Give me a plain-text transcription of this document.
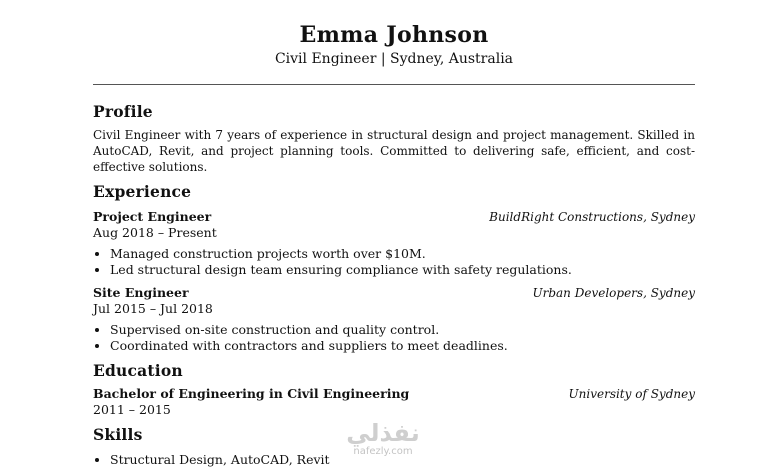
Emma Johnson
Civil Engineer | Sydney, Australia
Profile
Civil Engineer with 7 years of experience in structural design and project management. Skilled in AutoCAD, Revit, and project planning tools. Committed to delivering safe, efficient, and cost-effective solutions.
Experience
Project Engineer	BuildRight Constructions, Sydney
Aug 2018 – Present
• Managed construction projects worth over $10M.
• Led structural design team ensuring compliance with safety regulations.
Site Engineer	Urban Developers, Sydney
Jul 2015 – Jul 2018
• Supervised on-site construction and quality control.
• Coordinated with contractors and suppliers to meet deadlines.
Education
Bachelor of Engineering in Civil Engineering	University of Sydney
2011 – 2015
Skills
• Structural Design, AutoCAD, Revit
نفذلي
nafezly.com
